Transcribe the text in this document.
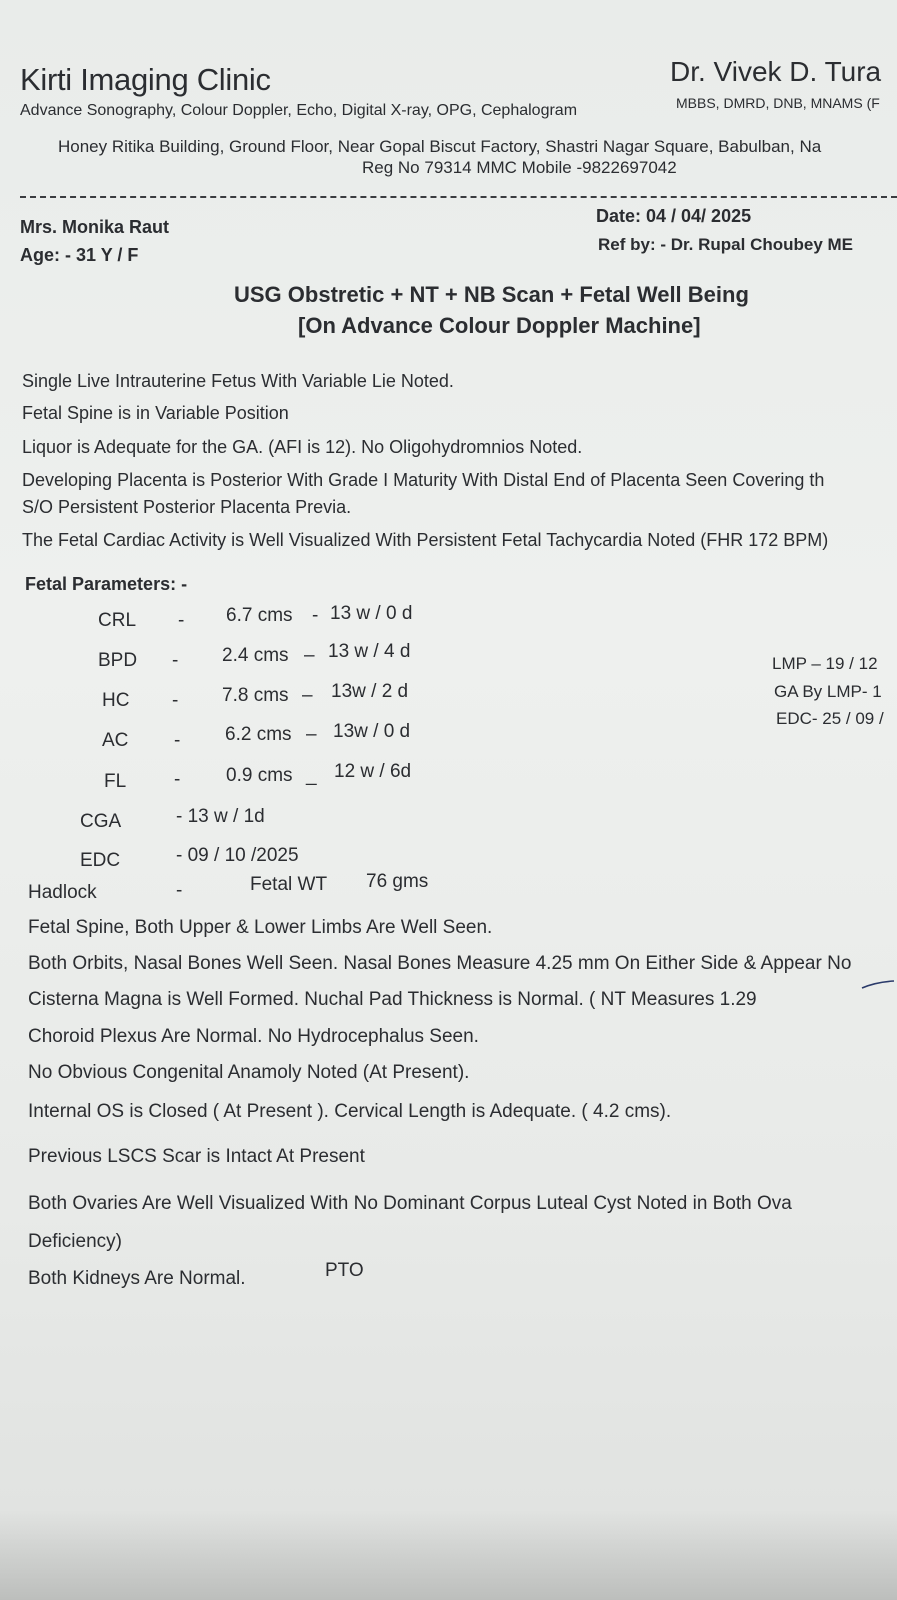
Kirti Imaging Clinic
Advance Sonography, Colour Doppler, Echo, Digital X-ray, OPG, Cephalogram
Dr. Vivek D. Tura
MBBS, DMRD, DNB, MNAMS (F
Honey Ritika Building, Ground Floor, Near Gopal Biscut Factory, Shastri Nagar Square, Babulban, Na
Reg No 79314 MMC Mobile -9822697042
Mrs. Monika Raut
Age: - 31 Y / F
Date: 04 / 04/ 2025
Ref by: - Dr. Rupal Choubey ME
USG Obstretic + NT + NB Scan + Fetal Well Being
[On Advance Colour Doppler Machine]
Single Live Intrauterine Fetus With Variable Lie Noted.
Fetal Spine is in Variable Position
Liquor is Adequate for the GA. (AFI is 12). No Oligohydromnios Noted.
Developing Placenta is Posterior With Grade I Maturity With Distal End of Placenta Seen Covering th
S/O Persistent Posterior Placenta Previa.
The Fetal Cardiac Activity is Well Visualized With Persistent Fetal Tachycardia Noted (FHR 172 BPM)
Fetal Parameters: -
CRL - 6.7 cms - 13 w / 0 d
BPD - 2.4 cms – 13 w / 4 d
HC - 7.8 cms – 13w / 2 d
AC - 6.2 cms – 13w / 0 d
FL	- 0.9 cms _ 12 w / 6d
CGA	- 13 w / 1d
EDC	- 09 / 10 /2025
Hadlock	-	Fetal WT 76 gms
LMP – 19 / 12
GA By LMP- 1
EDC- 25 / 09 /
Fetal Spine, Both Upper & Lower Limbs Are Well Seen.
Both Orbits, Nasal Bones Well Seen. Nasal Bones Measure 4.25 mm On Either Side & Appear No
Cisterna Magna is Well Formed. Nuchal Pad Thickness is Normal. ( NT Measures 1.29
Choroid Plexus Are Normal. No Hydrocephalus Seen.
No Obvious Congenital Anamoly Noted (At Present).
Internal OS is Closed ( At Present ). Cervical Length is Adequate. ( 4.2 cms).
Previous LSCS Scar is Intact At Present
Both Ovaries Are Well Visualized With No Dominant Corpus Luteal Cyst Noted in Both Ova
Deficiency)
Both Kidneys Are Normal.	PTO
